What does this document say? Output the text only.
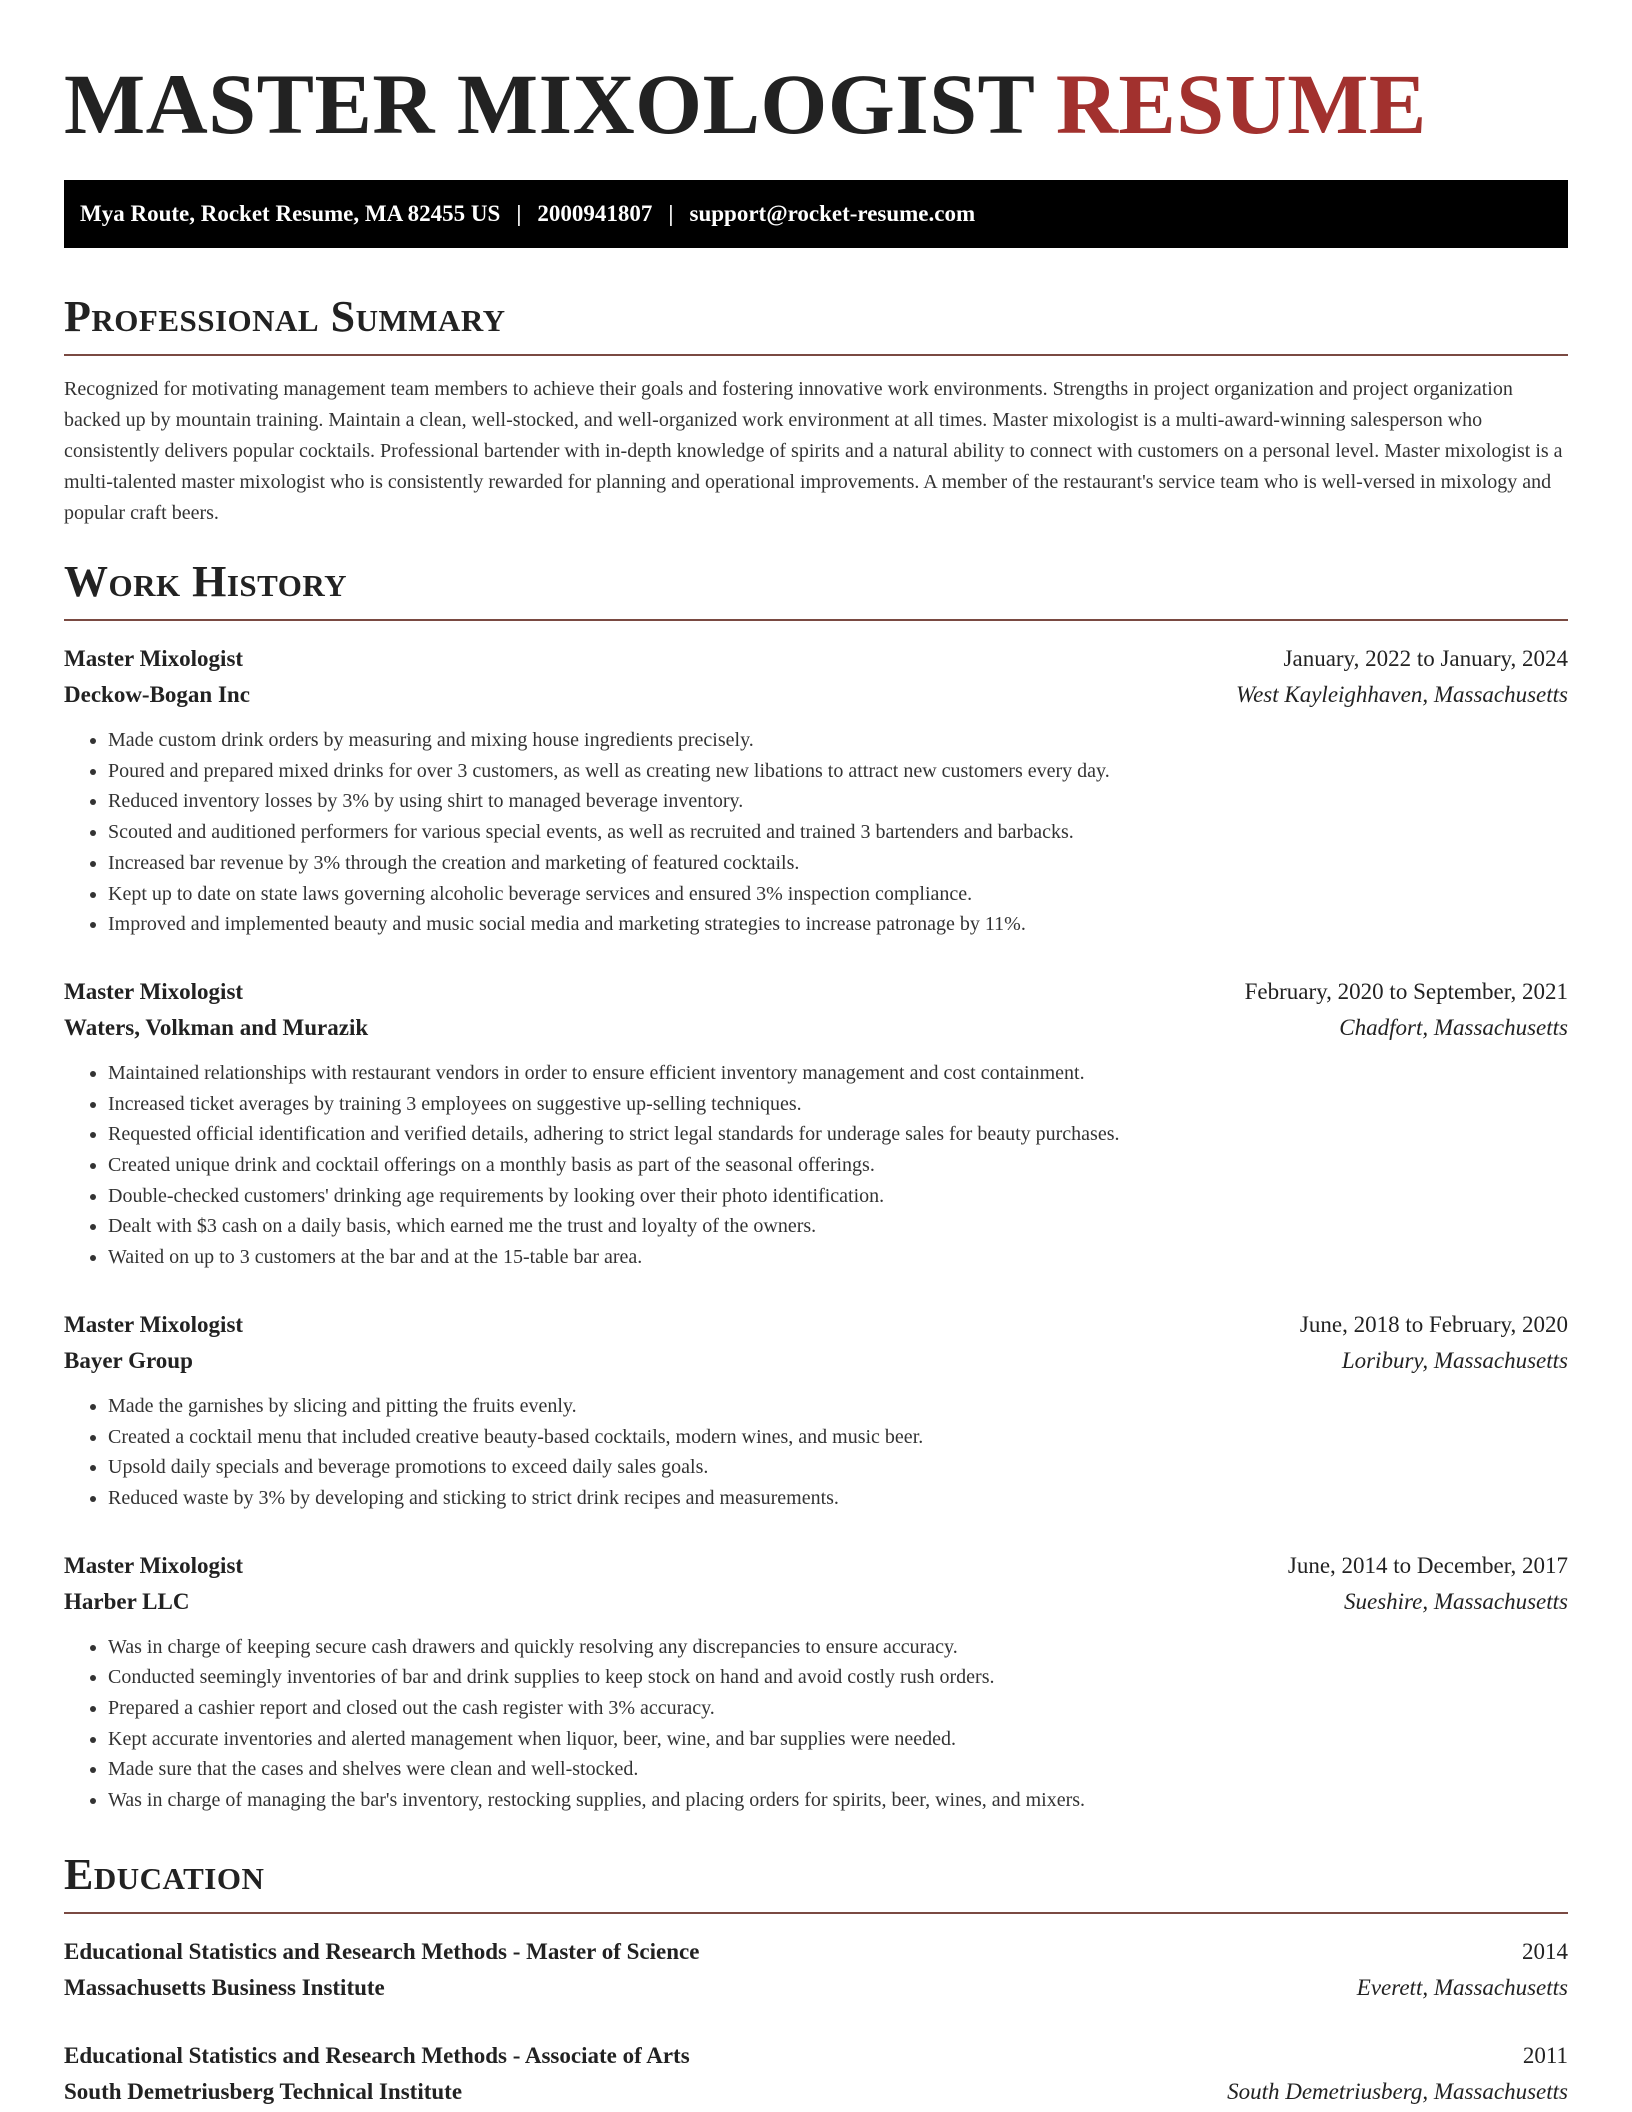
MASTER MIXOLOGIST RESUME
Mya Route, Rocket Resume, MA 82455 US | 2000941807 | support@rocket-resume.com
Professional Summary

Recognized for motivating management team members to achieve their goals and fostering innovative work environments. Strengths in project organization and project organization backed up by mountain training. Maintain a clean, well-stocked, and well-organized work environment at all times. Master mixologist is a multi-award-winning salesperson who consistently delivers popular cocktails. Professional bartender with in-depth knowledge of spirits and a natural ability to connect with customers on a personal level. Master mixologist is a multi-talented master mixologist who is consistently rewarded for planning and operational improvements. A member of the restaurant's service team who is well-versed in mixology and popular craft beers.

Work History
Master Mixologist	January, 2022 to January, 2024
Deckow-Bogan Inc	West Kayleighhaven, Massachusetts
• Made custom drink orders by measuring and mixing house ingredients precisely.
• Poured and prepared mixed drinks for over 3 customers, as well as creating new libations to attract new customers every day.
• Reduced inventory losses by 3% by using shirt to managed beverage inventory.
• Scouted and auditioned performers for various special events, as well as recruited and trained 3 bartenders and barbacks.
• Increased bar revenue by 3% through the creation and marketing of featured cocktails.
• Kept up to date on state laws governing alcoholic beverage services and ensured 3% inspection compliance.
• Improved and implemented beauty and music social media and marketing strategies to increase patronage by 11%.
Master Mixologist	February, 2020 to September, 2021
Waters, Volkman and Murazik	Chadfort, Massachusetts
• Maintained relationships with restaurant vendors in order to ensure efficient inventory management and cost containment.
• Increased ticket averages by training 3 employees on suggestive up-selling techniques.
• Requested official identification and verified details, adhering to strict legal standards for underage sales for beauty purchases.
• Created unique drink and cocktail offerings on a monthly basis as part of the seasonal offerings.
• Double-checked customers' drinking age requirements by looking over their photo identification.
• Dealt with $3 cash on a daily basis, which earned me the trust and loyalty of the owners.
• Waited on up to 3 customers at the bar and at the 15-table bar area.
Master Mixologist	June, 2018 to February, 2020
Bayer Group	Loribury, Massachusetts
• Made the garnishes by slicing and pitting the fruits evenly.
• Created a cocktail menu that included creative beauty-based cocktails, modern wines, and music beer.
• Upsold daily specials and beverage promotions to exceed daily sales goals.
• Reduced waste by 3% by developing and sticking to strict drink recipes and measurements.
Master Mixologist	June, 2014 to December, 2017
Harber LLC	Sueshire, Massachusetts
• Was in charge of keeping secure cash drawers and quickly resolving any discrepancies to ensure accuracy.
• Conducted seemingly inventories of bar and drink supplies to keep stock on hand and avoid costly rush orders.
• Prepared a cashier report and closed out the cash register with 3% accuracy.
• Kept accurate inventories and alerted management when liquor, beer, wine, and bar supplies were needed.
• Made sure that the cases and shelves were clean and well-stocked.
• Was in charge of managing the bar's inventory, restocking supplies, and placing orders for spirits, beer, wines, and mixers.
Education
Educational Statistics and Research Methods - Master of Science	2014
Massachusetts Business Institute	Everett, Massachusetts
Educational Statistics and Research Methods - Associate of Arts	2011
South Demetriusberg Technical Institute	South Demetriusberg, Massachusetts
